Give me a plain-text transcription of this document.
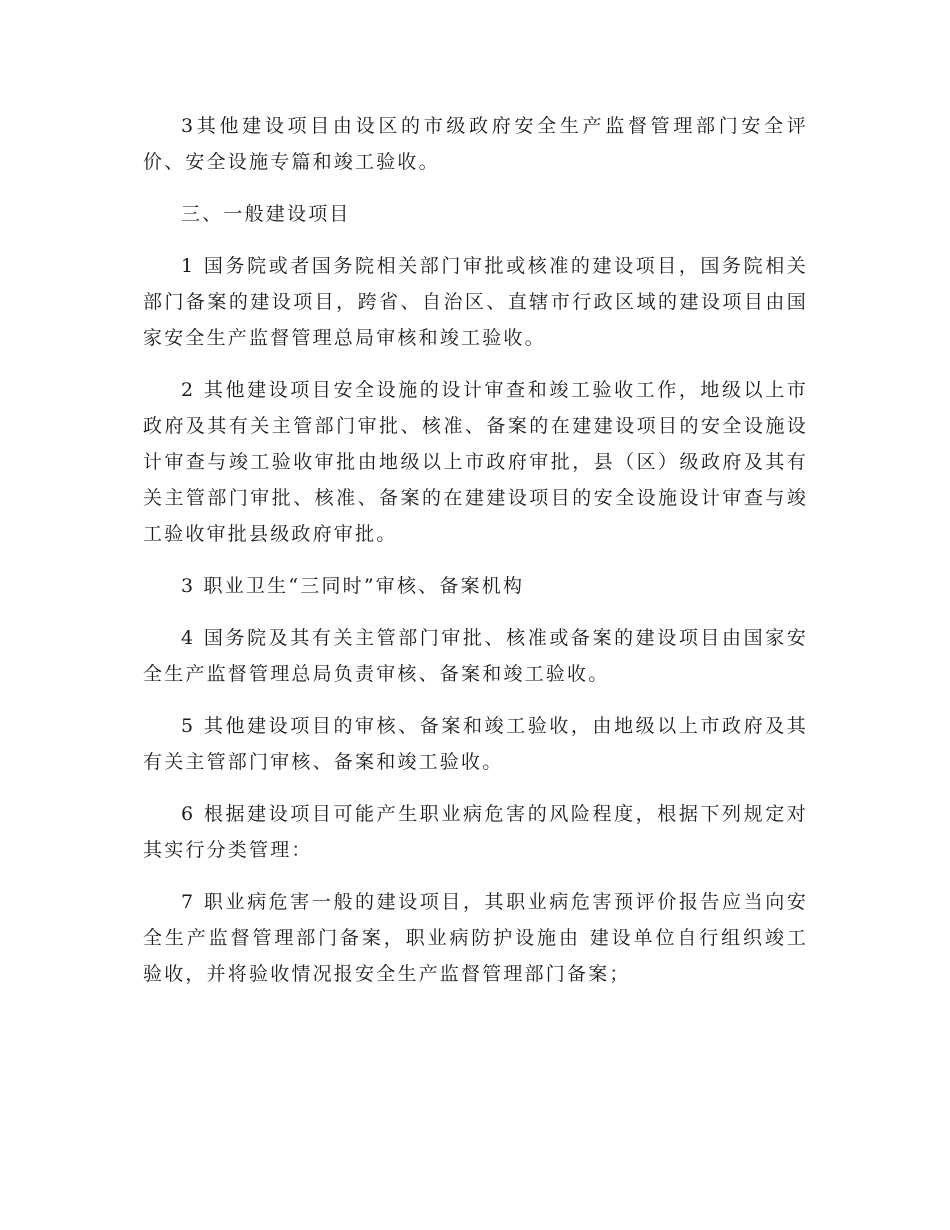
3其他建设项目由设区的市级政府安全生产监督管理部门安全评价、安全设施专篇和竣工验收。

三、一般建设项目

1 国务院或者国务院相关部门审批或核准的建设项目，国务院相关部门备案的建设项目，跨省、自治区、直辖市行政区域的建设项目由国家安全生产监督管理总局审核和竣工验收。

2 其他建设项目安全设施的设计审查和竣工验收工作，地级以上市政府及其有关主管部门审批、核准、备案的在建建设项目的安全设施设计审查与竣工验收审批由地级以上市政府审批，县（区）级政府及其有关主管部门审批、核准、备案的在建建设项目的安全设施设计审查与竣工验收审批县级政府审批。

3 职业卫生“三同时”审核、备案机构

4 国务院及其有关主管部门审批、核准或备案的建设项目由国家安全生产监督管理总局负责审核、备案和竣工验收。

5 其他建设项目的审核、备案和竣工验收，由地级以上市政府及其有关主管部门审核、备案和竣工验收。

6 根据建设项目可能产生职业病危害的风险程度，根据下列规定对其实行分类管理：

7 职业病危害一般的建设项目，其职业病危害预评价报告应当向安全生产监督管理部门备案，职业病防护设施由 建设单位自行组织竣工验收，并将验收情况报安全生产监督管理部门备案；
